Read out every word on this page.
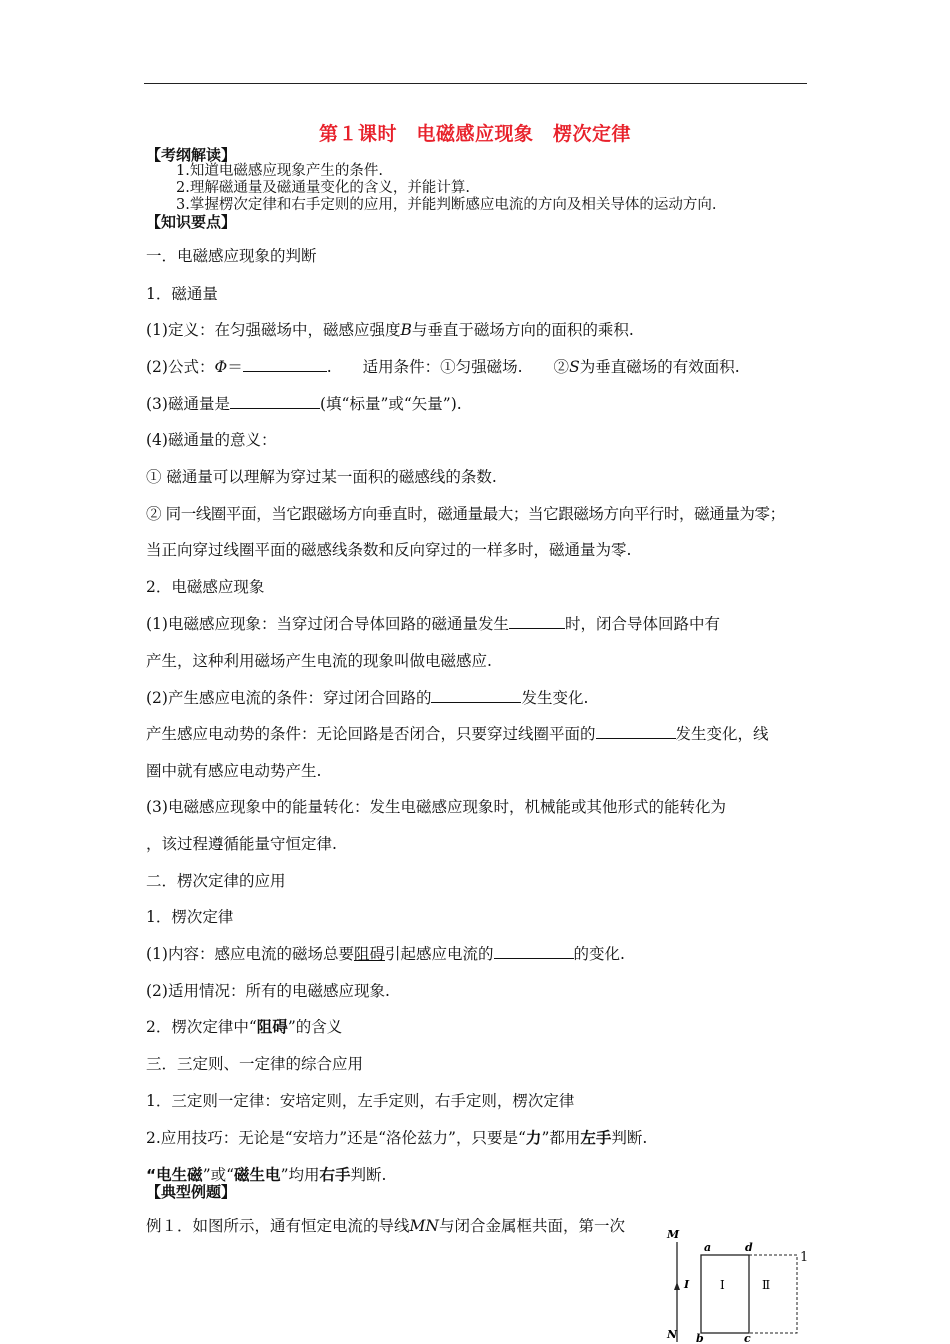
第１课时　电磁感应现象　楞次定律
【考纲解读】
1.知道电磁感应现象产生的条件.
2.理解磁通量及磁通量变化的含义，并能计算.
3.掌握楞次定律和右手定则的应用，并能判断感应电流的方向及相关导体的运动方向.
【知识要点】
一．电磁感应现象的判断
1．磁通量
(1)定义：在匀强磁场中，磁感应强度B与垂直于磁场方向的面积的乘积.
(2)公式：Φ＝	.　　适用条件：①匀强磁场.　　②S为垂直磁场的有效面积.
(3)磁通量是	(填“标量”或“矢量”).
(4)磁通量的意义：
① 磁通量可以理解为穿过某一面积的磁感线的条数.
② 同一线圈平面，当它跟磁场方向垂直时，磁通量最大；当它跟磁场方向平行时，磁通量为零；
当正向穿过线圈平面的磁感线条数和反向穿过的一样多时，磁通量为零.
2．电磁感应现象
(1)电磁感应现象：当穿过闭合导体回路的磁通量发生	时，闭合导体回路中有
产生，这种利用磁场产生电流的现象叫做电磁感应.
(2)产生感应电流的条件：穿过闭合回路的	发生变化.
产生感应电动势的条件：无论回路是否闭合，只要穿过线圈平面的	发生变化，线
圈中就有感应电动势产生.
(3)电磁感应现象中的能量转化：发生电磁感应现象时，机械能或其他形式的能转化为
，该过程遵循能量守恒定律.
二．楞次定律的应用
1．楞次定律
(1)内容：感应电流的磁场总要阻碍引起感应电流的	的变化.
(2)适用情况：所有的电磁感应现象.
2．楞次定律中“阻碍”的含义
三．三定则、一定律的综合应用
1．三定则一定律：安培定则，左手定则，右手定则，楞次定律
2.应用技巧：无论是“安培力”还是“洛伦兹力”，只要是“力”都用左手判断.
“电生磁”或“磁生电”均用右手判断.
【典型例题】
例１．如图所示，通有恒定电流的导线MN与闭合金属框共面，第一次	M
N
I
a	d
b	c
Ⅰ	Ⅱ
1
